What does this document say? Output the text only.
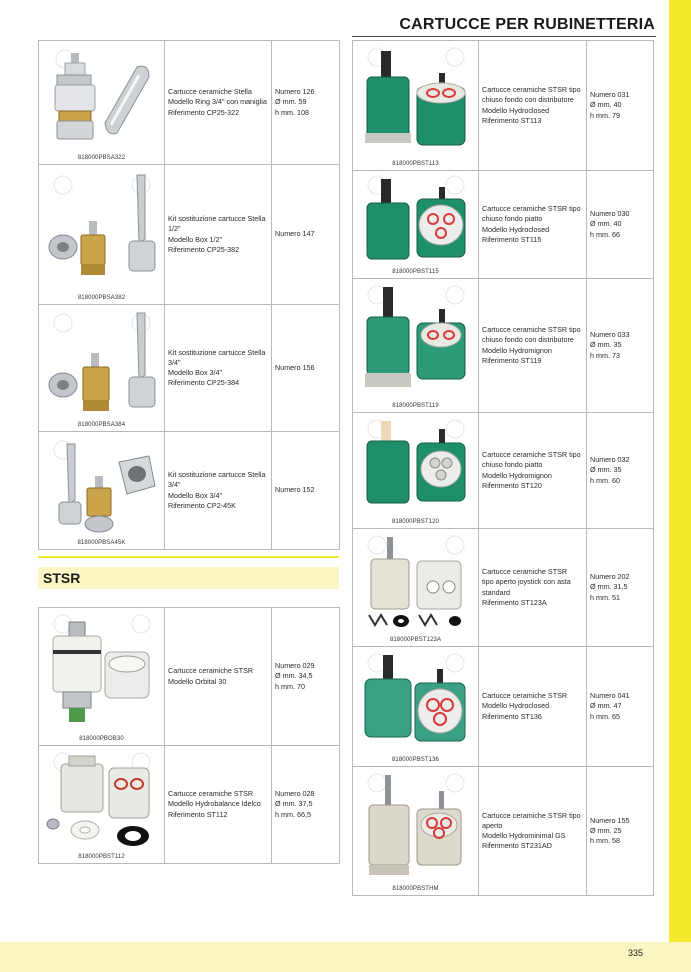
335
CARTUCCE PER RUBINETTERIA
818000PBSA322	Cartucce ceramiche Stella
Modello Ring 3/4" con maniglia
Riferimento CP25-322	Numero 126
Ø mm. 59
h mm. 108

818000PBSA382	Kit sostituzione cartucce Stella
1/2"
Modello Box 1/2"
Riferimento CP25-382	Numero 147

818000PBSA384	Kit sostituzione cartucce Stella
3/4"
Modello Box 3/4"
Riferimento CP25-384	Numero 156

818000PBSA45K	Kit sostituzione cartucce Stella
3/4"
Modello Box 3/4"
Riferimento CP2-45K	Numero 152
STSR
818000PBOB30	Cartucce ceramiche STSR
Modello Orbital 30	Numero 029
Ø mm. 34,5
h mm. 70

818000PBST112	Cartucce ceramiche STSR
Modello Hydrobalance Idelco
Riferimento ST112	Numero 028
Ø mm. 37,5
h mm. 66,5
818000PBST113	Cartucce ceramiche STSR tipo
chiuso fondo con distributore
Modello Hydroclosed
Riferimento ST113	Numero 031
Ø mm. 40
h mm. 79

818000PBST115	Cartucce ceramiche STSR tipo
chiuso fondo piatto
Modello Hydroclosed
Riferimento ST115	Numero 030
Ø mm. 40
h mm. 66

818000PBST119	Cartucce ceramiche STSR tipo
chiuso fondo con distributore
Modello Hydromignon
Riferimento ST119	Numero 033
Ø mm. 35
h mm. 73

818000PBST120	Cartucce ceramiche STSR tipo
chiuso fondo piatto
Modello Hydromignon
Riferimento ST120	Numero 032
Ø mm. 35
h mm. 60

818000PBST123A	Cartucce ceramiche STSR
tipo aperto joystick con asta
standard
Riferimento ST123A	Numero 202
Ø mm. 31,5
h mm. 51

818000PBST136	Cartucce ceramiche STSR
Modello Hydroclosed
Riferimento ST136	Numero 041
Ø mm. 47
h mm. 65

818000PBSTHM	Cartucce ceramiche STSR tipo
aperto
Modello Hydrominimal GS
Riferimento ST231AD	Numero 155
Ø mm. 25
h mm. 58
